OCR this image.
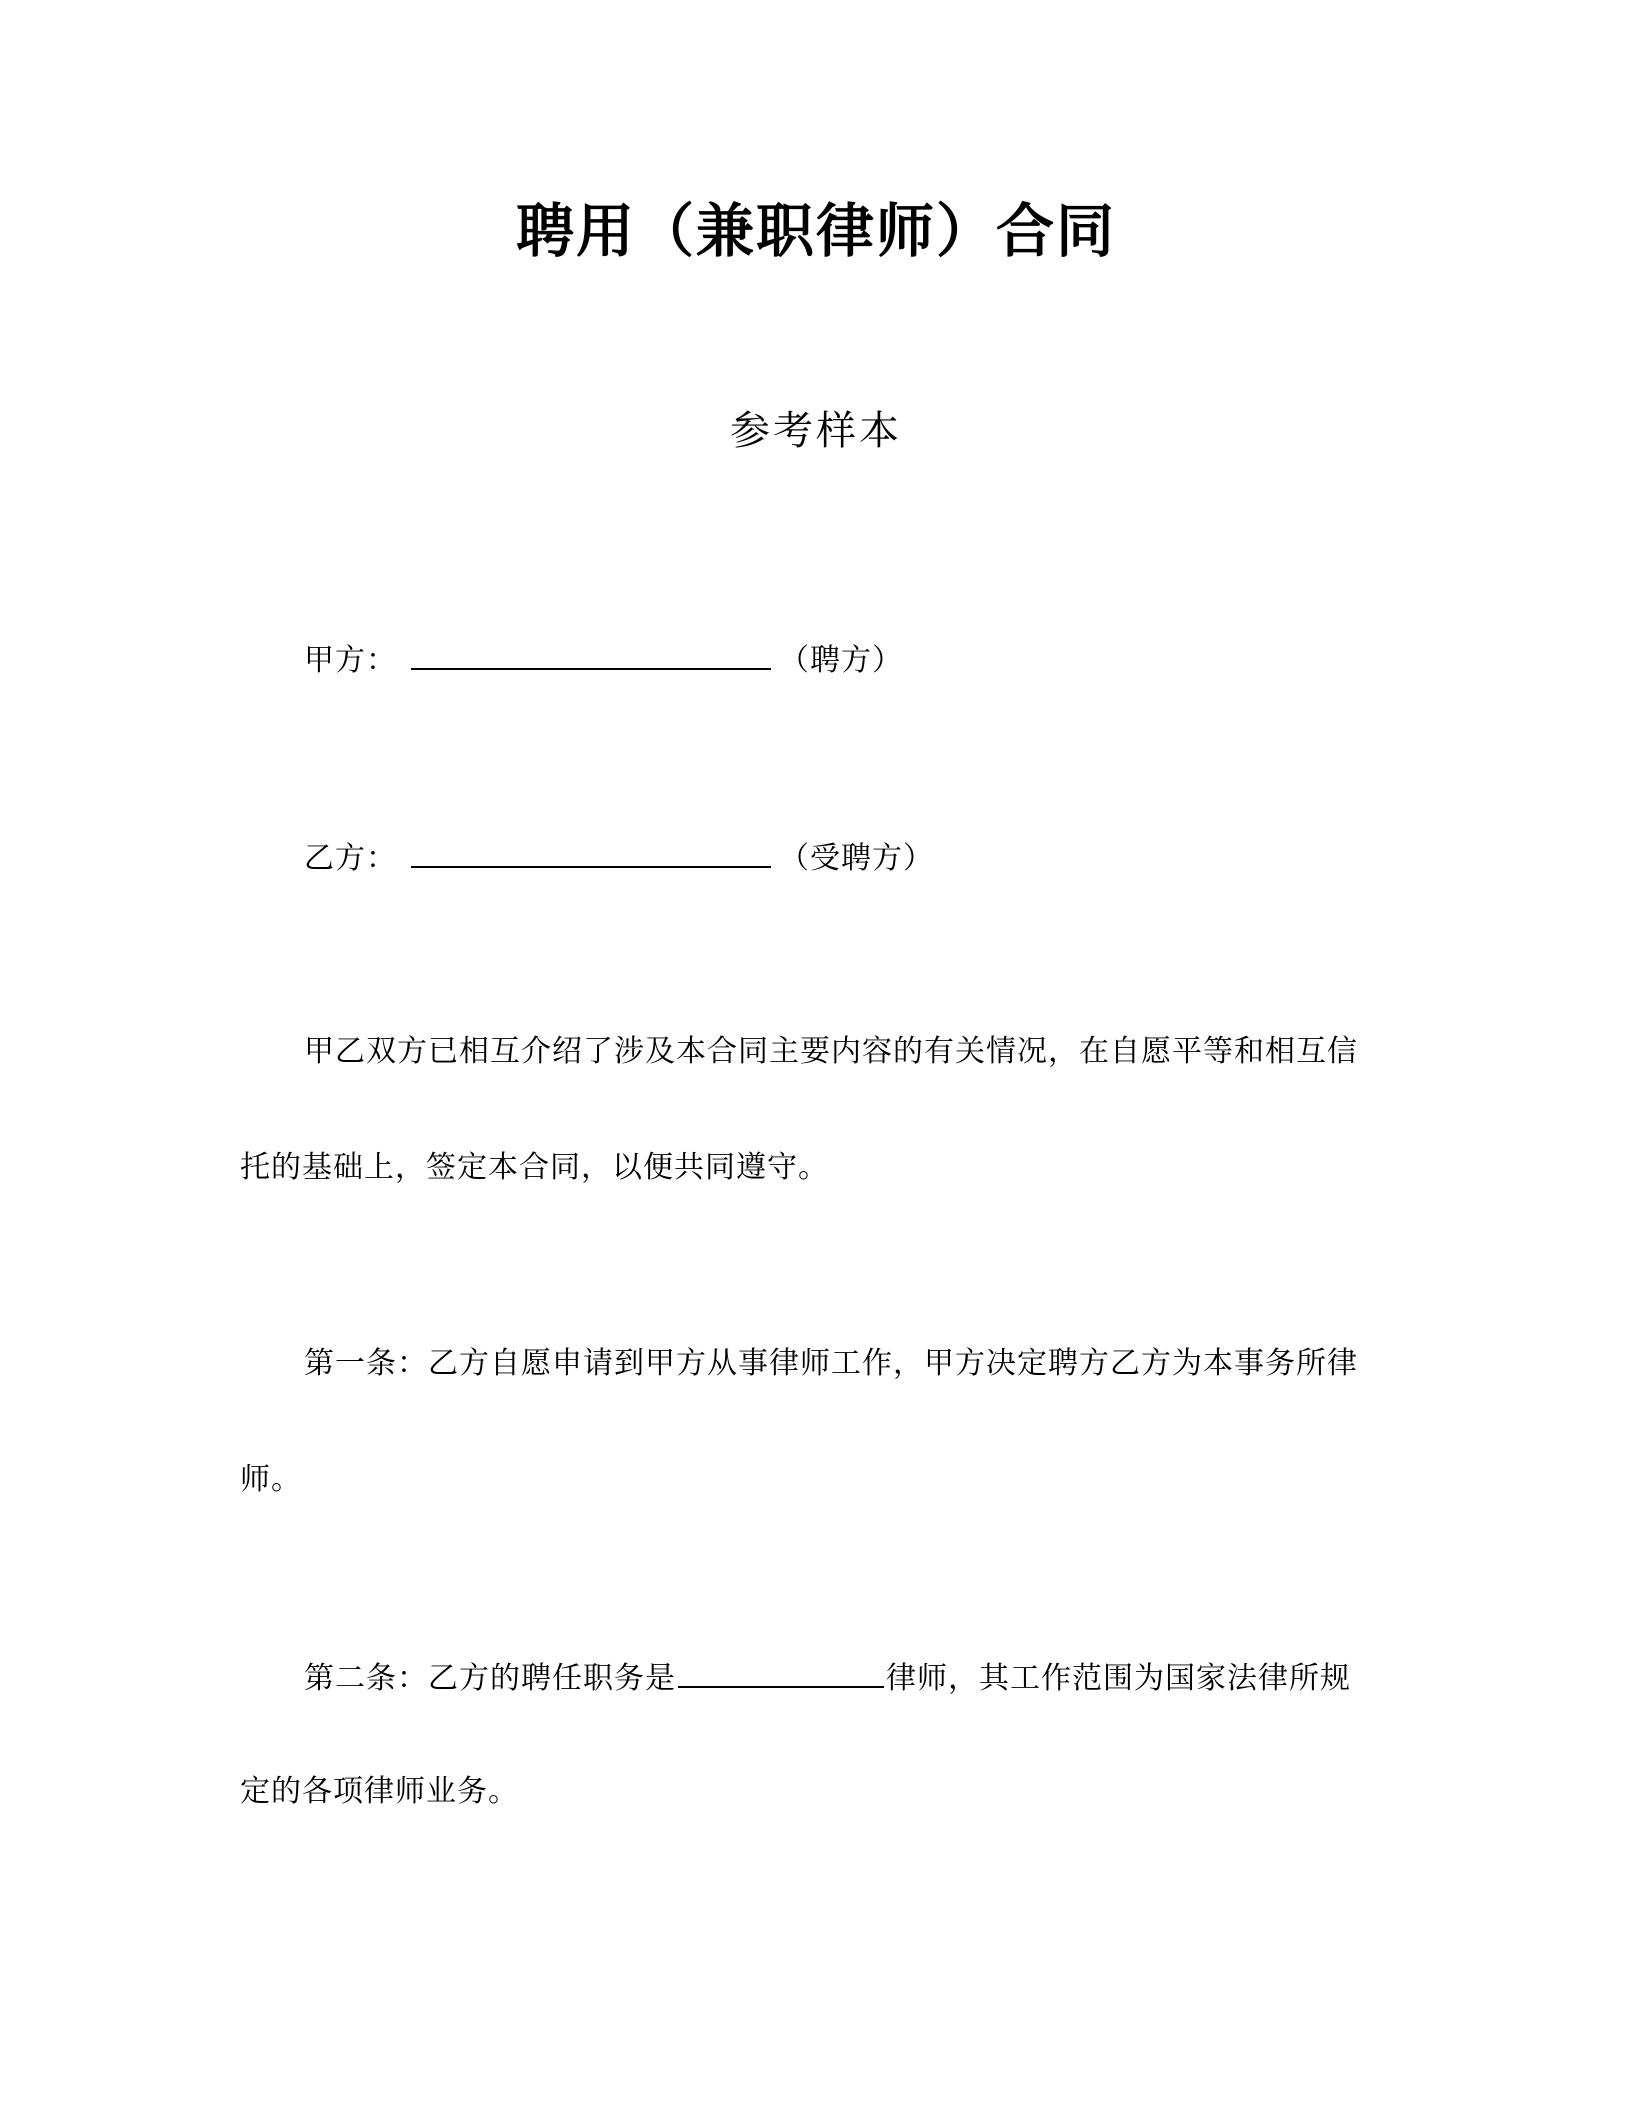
聘用（兼职律师）合同
参考样本
甲方：	（聘方）
乙方：	（受聘方）
甲乙双方已相互介绍了涉及本合同主要内容的有关情况，在自愿平等和相互信
托的基础上，签定本合同，以便共同遵守。
第一条：乙方自愿申请到甲方从事律师工作，甲方决定聘方乙方为本事务所律
师。
第二条：乙方的聘任职务是	律师，其工作范围为国家法律所规
定的各项律师业务。
